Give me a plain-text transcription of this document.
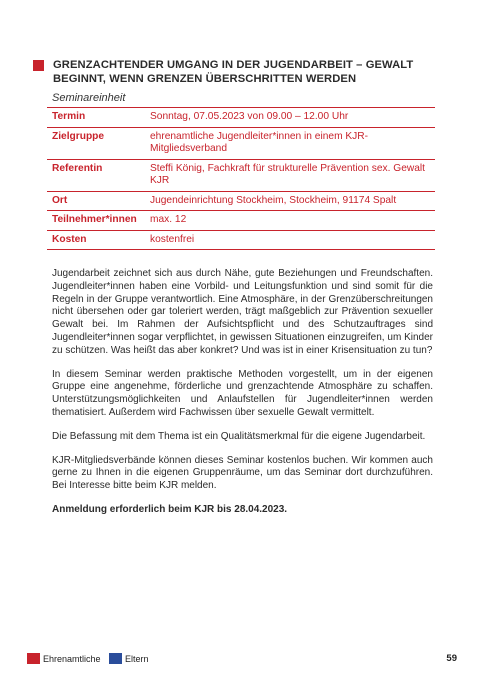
GRENZACHTENDER UMGANG IN DER JUGENDARBEIT – GEWALT BEGINNT, WENN GRENZEN ÜBERSCHRITTEN WERDEN
Seminareinheit
Termin	Sonntag, 07.05.2023 von 09.00 – 12.00 Uhr
Zielgruppe	ehrenamtliche Jugendleiter*innen in einem KJR-Mitgliedsverband
Referentin	Steffi König, Fachkraft für strukturelle Prävention sex. Gewalt KJR
Ort	Jugendeinrichtung Stockheim, Stockheim, 91174 Spalt
Teilnehmer*innen	max. 12
Kosten	kostenfrei

Jugendarbeit zeichnet sich aus durch Nähe, gute Beziehungen und Freundschaften. Jugendleiter*innen haben eine Vorbild- und Leitungsfunktion und sind somit für die Regeln in der Gruppe verantwortlich. Eine Atmosphäre, in der Grenzüberschreitungen nicht übersehen oder gar toleriert werden, trägt maßgeblich zur Prävention sexueller Gewalt bei. Im Rahmen der Aufsichtspflicht und des Schutzauftrages sind Jugendleiter*innen sogar verpflichtet, in gewissen Situationen einzugreifen, um Kinder zu schützen. Was heißt das aber konkret? Und was ist in einer Krisensituation zu tun?

In diesem Seminar werden praktische Methoden vorgestellt, um in der eigenen Gruppe eine angenehme, förderliche und grenzachtende Atmosphäre zu schaffen. Unterstützungsmöglichkeiten und Anlaufstellen für Jugendleiter*innen werden thematisiert. Außerdem wird Fachwissen über sexuelle Gewalt vermittelt.

Die Befassung mit dem Thema ist ein Qualitätsmerkmal für die eigene Jugendarbeit.

KJR-Mitgliedsverbände können dieses Seminar kostenlos buchen. Wir kommen auch gerne zu Ihnen in die eigenen Gruppenräume, um das Seminar dort durchzuführen. Bei Interesse bitte beim KJR melden.

Anmeldung erforderlich beim KJR bis 28.04.2023.

Ehrenamtliche	Eltern	59
